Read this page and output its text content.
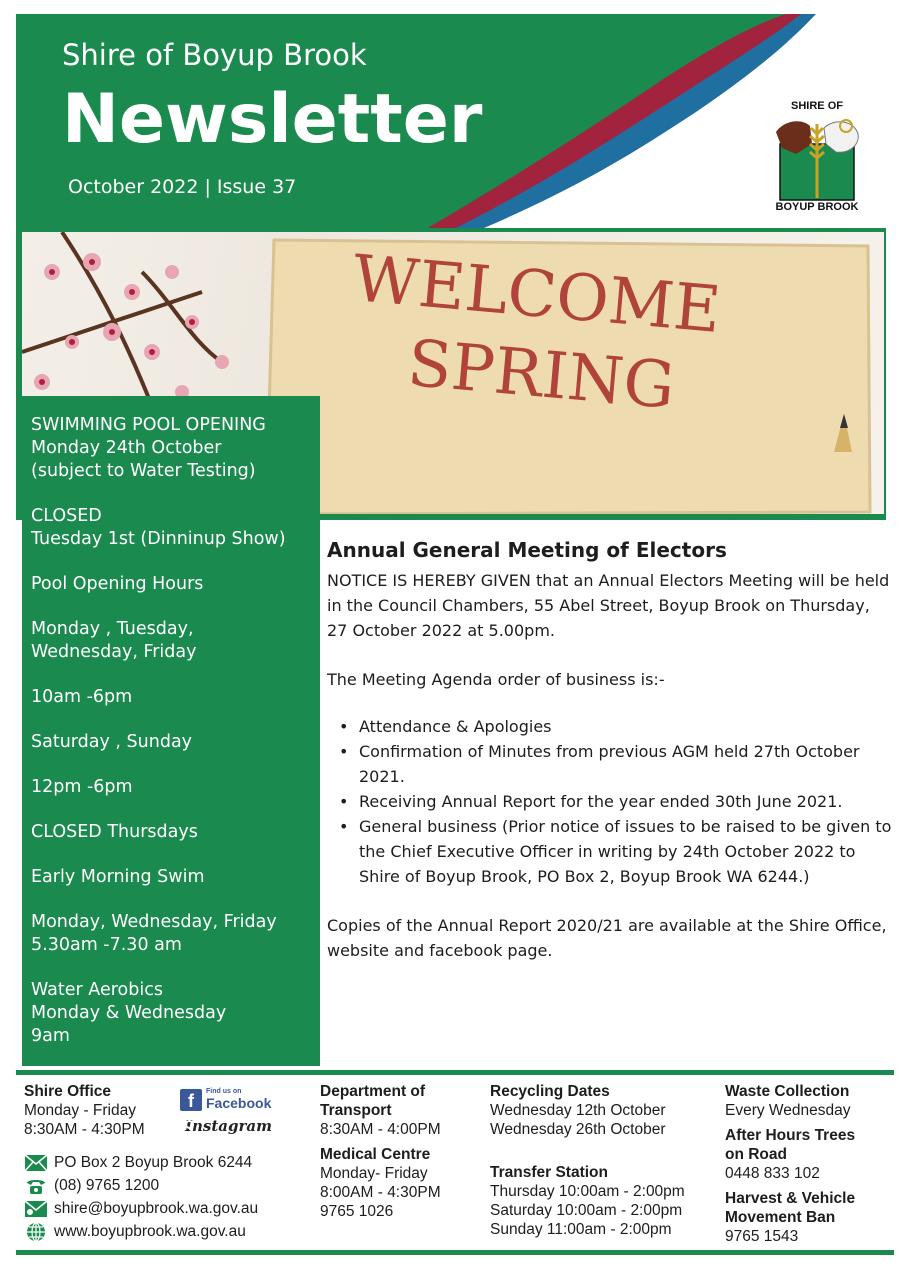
Shire of Boyup Brook
Newsletter
October 2022 | Issue 37
SHIRE OF
BOYUP BROOK
WELCOME
SPRING
SWIMMING POOL OPENING
Monday 24th October
(subject to Water Testing)
CLOSED
Tuesday 1st (Dinninup Show)
Pool Opening Hours
Monday , Tuesday,
Wednesday, Friday
10am -6pm
Saturday , Sunday
12pm -6pm
CLOSED Thursdays
Early Morning Swim
Monday, Wednesday, Friday
5.30am -7.30 am
Water Aerobics
Monday & Wednesday
9am
Annual General Meeting of Electors

NOTICE IS HEREBY GIVEN that an Annual Electors Meeting will be held in the Council Chambers, 55 Abel Street, Boyup Brook on Thursday, 27 October 2022 at 5.00pm.

The Meeting Agenda order of business is:-

• Attendance & Apologies
• Confirmation of Minutes from previous AGM held 27th October 2021.
• Receiving Annual Report for the year ended 30th June 2021.
• General business (Prior notice of issues to be raised to be given to the Chief Executive Officer in writing by 24th October 2022 to Shire of Boyup Brook, PO Box 2, Boyup Brook WA 6244.)

Copies of the Annual Report 2020/21 are available at the Shire Office, website and facebook page.

Shire Office
Monday - Friday
8:30AM - 4:30PM
PO Box 2 Boyup Brook 6244
(08) 9765 1200
shire@boyupbrook.wa.gov.au
www.boyupbrook.wa.gov.au
f	Find us on
Facebook
Instagram
Department of Transport
8:30AM - 4:00PM
Medical Centre
Monday- Friday
8:00AM - 4:30PM
9765 1026
Recycling Dates
Wednesday 12th October
Wednesday 26th October
Transfer Station
Thursday 10:00am - 2:00pm
Saturday 10:00am - 2:00pm
Sunday 11:00am - 2:00pm
Waste Collection
Every Wednesday
After Hours Trees on Road
0448 833 102
Harvest & Vehicle Movement Ban
9765 1543
